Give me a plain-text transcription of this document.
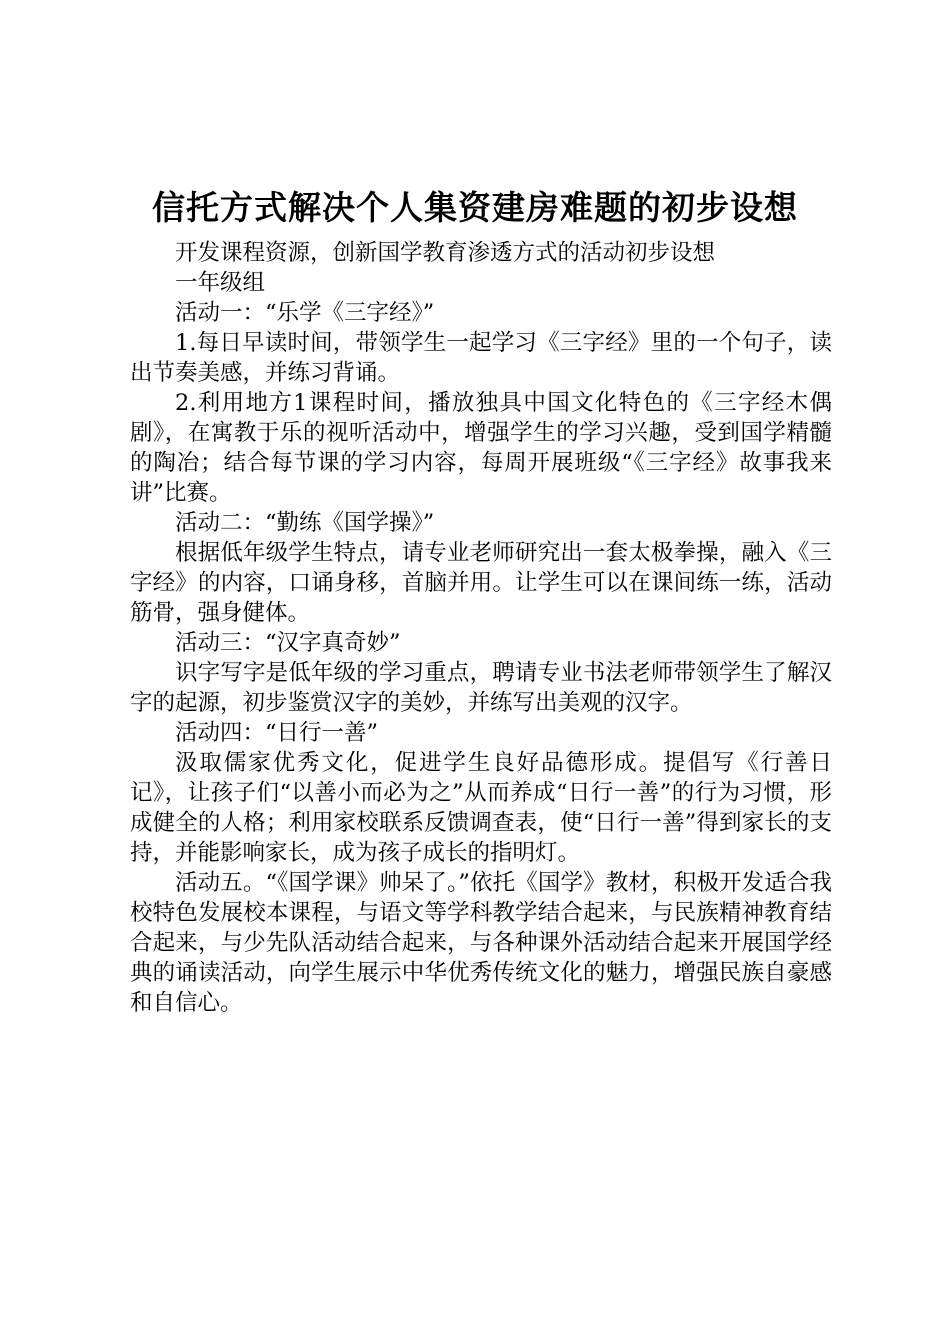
信托方式解决个人集资建房难题的初步设想

开发课程资源，创新国学教育渗透方式的活动初步设想

一年级组

活动一：“乐学《三字经》”

1.每日早读时间，带领学生一起学习《三字经》里的一个句子，读出节奏美感，并练习背诵。

2.利用地方1课程时间，播放独具中国文化特色的《三字经木偶剧》，在寓教于乐的视听活动中，增强学生的学习兴趣，受到国学精髓的陶冶；结合每节课的学习内容，每周开展班级“《三字经》故事我来讲”比赛。

活动二：“勤练《国学操》”

根据低年级学生特点，请专业老师研究出一套太极拳操，融入《三字经》的内容，口诵身移，首脑并用。让学生可以在课间练一练，活动筋骨，强身健体。

活动三：“汉字真奇妙”

识字写字是低年级的学习重点，聘请专业书法老师带领学生了解汉字的起源，初步鉴赏汉字的美妙，并练写出美观的汉字。

活动四：“日行一善”

汲取儒家优秀文化，促进学生良好品德形成。提倡写《行善日记》，让孩子们“以善小而必为之”从而养成“日行一善”的行为习惯，形成健全的人格；利用家校联系反馈调查表，使“日行一善”得到家长的支持，并能影响家长，成为孩子成长的指明灯。

活动五。“《国学课》帅呆了。”依托《国学》教材，积极开发适合我校特色发展校本课程，与语文等学科教学结合起来，与民族精神教育结合起来，与少先队活动结合起来，与各种课外活动结合起来开展国学经典的诵读活动，向学生展示中华优秀传统文化的魅力，增强民族自豪感和自信心。
